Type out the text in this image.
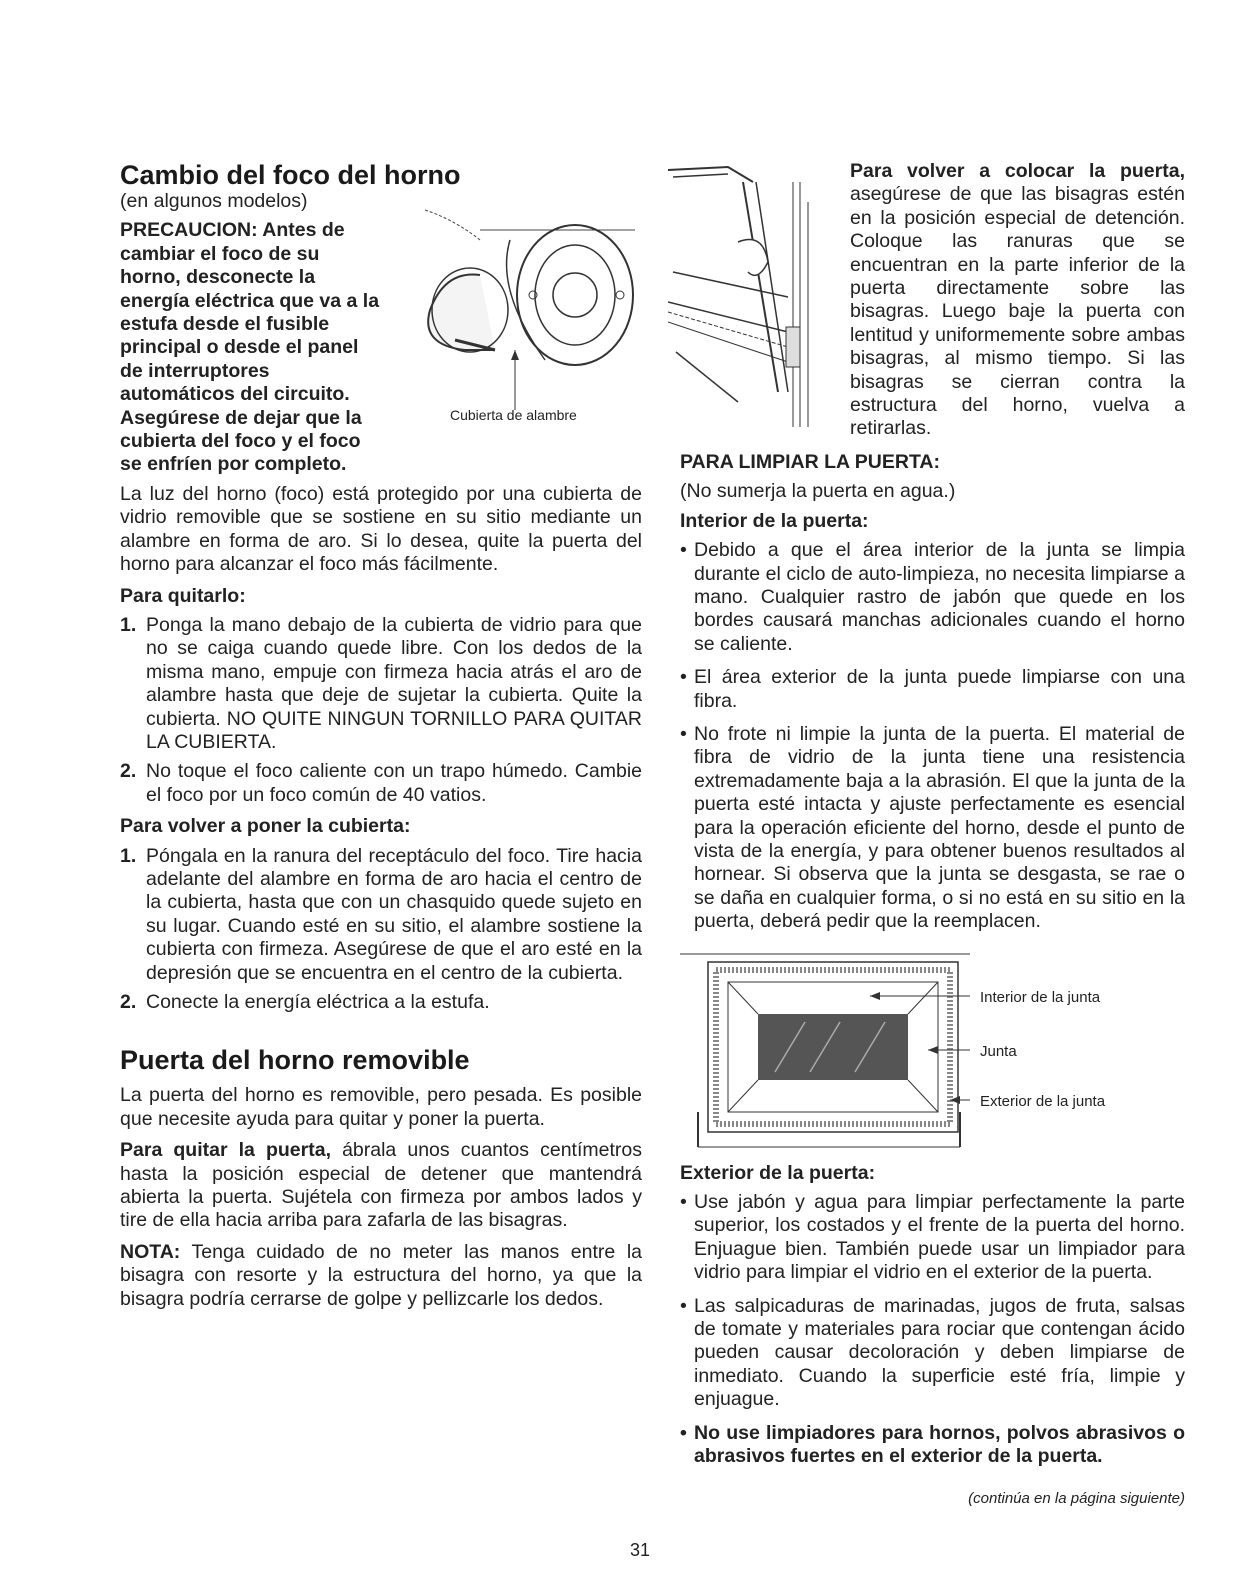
Cambio del foco del horno
(en algunos modelos)
PRECAUCION: Antes de cambiar el foco de su horno, desconecte la energía eléctrica que va a la estufa desde el fusible principal o desde el panel de interruptores automáticos del circuito. Asegúrese de dejar que la cubierta del foco y el foco se enfríen por completo.

La luz del horno (foco) está protegido por una cubierta de vidrio removible que se sostiene en su sitio mediante un alambre en forma de aro. Si lo desea, quite la puerta del horno para alcanzar el foco más fácilmente.

Para quitarlo:
1. Ponga la mano debajo de la cubierta de vidrio para que no se caiga cuando quede libre. Con los dedos de la misma mano, empuje con firmeza hacia atrás el aro de alambre hasta que deje de sujetar la cubierta. Quite la cubierta. NO QUITE NINGUN TORNILLO PARA QUITAR LA CUBIERTA.
2. No toque el foco caliente con un trapo húmedo. Cambie el foco por un foco común de 40 vatios.
Para volver a poner la cubierta:
1. Póngala en la ranura del receptáculo del foco. Tire hacia adelante del alambre en forma de aro hacia el centro de la cubierta, hasta que con un chasquido quede sujeto en su lugar. Cuando esté en su sitio, el alambre sostiene la cubierta con firmeza. Asegúrese de que el aro esté en la depresión que se encuentra en el centro de la cubierta.
2. Conecte la energía eléctrica a la estufa.
Puerta del horno removible

La puerta del horno es removible, pero pesada. Es posible que necesite ayuda para quitar y poner la puerta.

Para quitar la puerta, ábrala unos cuantos centímetros hasta la posición especial de detener que mantendrá abierta la puerta. Sujétela con firmeza por ambos lados y tire de ella hacia arriba para zafarla de las bisagras.

NOTA: Tenga cuidado de no meter las manos entre la bisagra con resorte y la estructura del horno, ya que la bisagra podría cerrarse de golpe y pellizcarle los dedos.

Cubierta de alambre

Para volver a colocar la puerta, asegúrese de que las bisagras estén en la posición especial de detención. Coloque las ranuras que se encuentran en la parte inferior de la puerta directamente sobre las bisagras. Luego baje la puerta con lentitud y uniformemente sobre ambas bisagras, al mismo tiempo. Si las bisagras se cierran contra la estructura del horno, vuelva a retirarlas.

PARA LIMPIAR LA PUERTA:
(No sumerja la puerta en agua.)
Interior de la puerta:
• Debido a que el área interior de la junta se limpia durante el ciclo de auto-limpieza, no necesita limpiarse a mano. Cualquier rastro de jabón que quede en los bordes causará manchas adicionales cuando el horno se caliente.
• El área exterior de la junta puede limpiarse con una fibra.
• No frote ni limpie la junta de la puerta. El material de fibra de vidrio de la junta tiene una resistencia extremadamente baja a la abrasión. El que la junta de la puerta esté intacta y ajuste perfectamente es esencial para la operación eficiente del horno, desde el punto de vista de la energía, y para obtener buenos resultados al hornear. Si observa que la junta se desgasta, se rae o se daña en cualquier forma, o si no está en su sitio en la puerta, deberá pedir que la reemplacen.
Interior de la junta
Junta
Exterior de la junta
Exterior de la puerta:
• Use jabón y agua para limpiar perfectamente la parte superior, los costados y el frente de la puerta del horno. Enjuague bien. También puede usar un limpiador para vidrio para limpiar el vidrio en el exterior de la puerta.
• Las salpicaduras de marinadas, jugos de fruta, salsas de tomate y materiales para rociar que contengan ácido pueden causar decoloración y deben limpiarse de inmediato. Cuando la superficie esté fría, limpie y enjuague.
• No use limpiadores para hornos, polvos abrasivos o abrasivos fuertes en el exterior de la puerta.
(continúa en la página siguiente)
31
